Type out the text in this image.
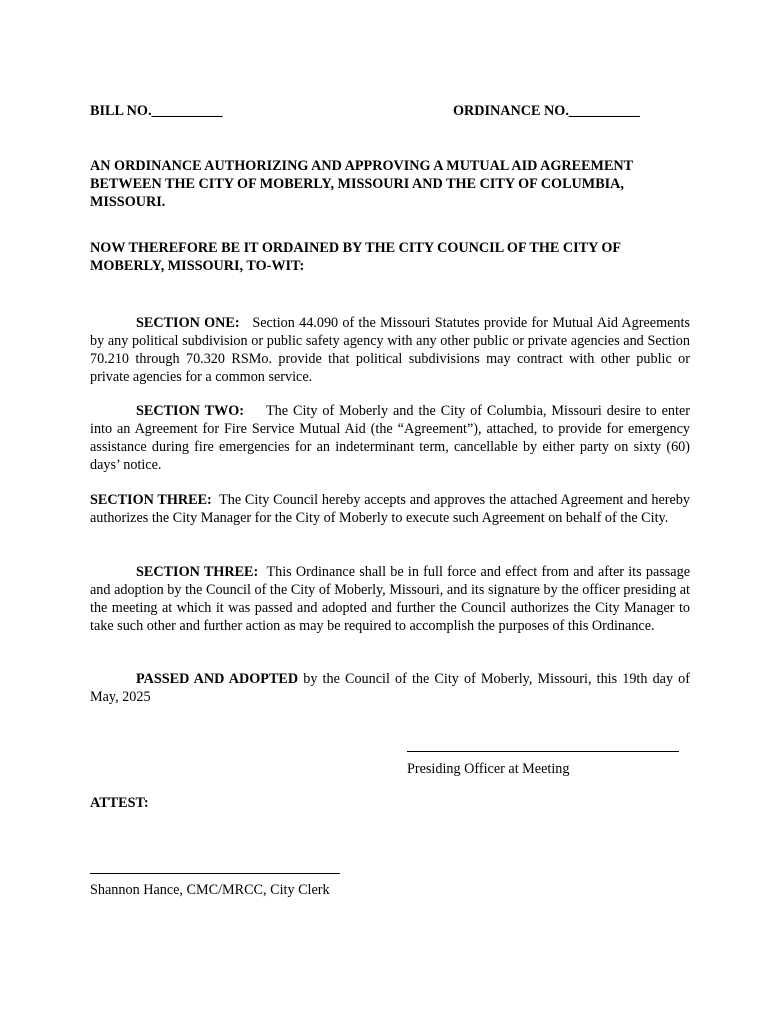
BILL NO.__________	ORDINANCE NO.__________

AN ORDINANCE AUTHORIZING AND APPROVING A MUTUAL AID AGREEMENT BETWEEN THE CITY OF MOBERLY, MISSOURI AND THE CITY OF COLUMBIA, MISSOURI.

NOW THEREFORE BE IT ORDAINED BY THE CITY COUNCIL OF THE CITY OF MOBERLY, MISSOURI, TO-WIT:

SECTION ONE: Section 44.090 of the Missouri Statutes provide for Mutual Aid Agreements by any political subdivision or public safety agency with any other public or private agencies and Section 70.210 through 70.320 RSMo. provide that political subdivisions may contract with other public or private agencies for a common service.

SECTION TWO: The City of Moberly and the City of Columbia, Missouri desire to enter into an Agreement for Fire Service Mutual Aid (the “Agreement”), attached, to provide for emergency assistance during fire emergencies for an indeterminant term, cancellable by either party on sixty (60) days’ notice.

SECTION THREE: The City Council hereby accepts and approves the attached Agreement and hereby authorizes the City Manager for the City of Moberly to execute such Agreement on behalf of the City.

SECTION THREE: This Ordinance shall be in full force and effect from and after its passage and adoption by the Council of the City of Moberly, Missouri, and its signature by the officer presiding at the meeting at which it was passed and adopted and further the Council authorizes the City Manager to take such other and further action as may be required to accomplish the purposes of this Ordinance.

PASSED AND ADOPTED by the Council of the City of Moberly, Missouri, this 19th day of May, 2025

Presiding Officer at Meeting
ATTEST:
Shannon Hance, CMC/MRCC, City Clerk
